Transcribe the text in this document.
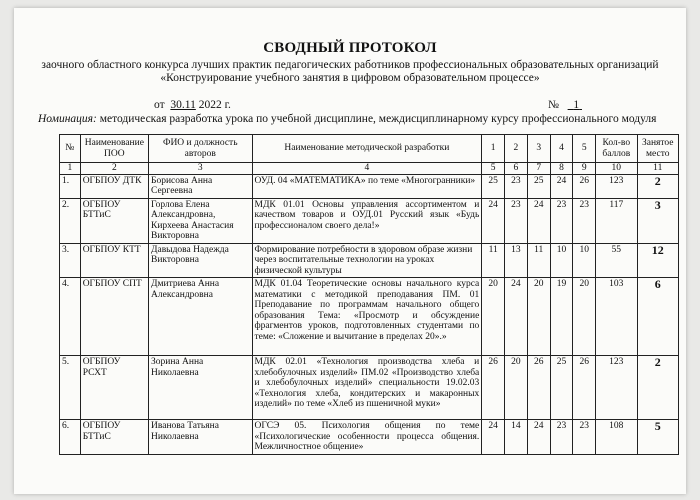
СВОДНЫЙ ПРОТОКОЛ
заочного областного конкурса лучших практик педагогических работников профессиональных образовательных организаций
«Конструирование учебного занятия в цифровом образовательном процессе»
от 30.11 2022 г.	№ 1
Номинация: методическая разработка урока по учебной дисциплине, междисциплинарному курсу профессионального модуля
№	Наименование ПОО	ФИО и должность авторов	Наименование методической разработки	1	2	3	4	5	Кол-во баллов	Занятое место
1	2	3	4	5	6	7	8	9	10	11
1.	ОГБПОУ ДТК	Борисова Анна Сергеевна	ОУД. 04 «МАТЕМАТИКА» по теме «Многогранники»	25	23	25	24	26	123	2
2.	ОГБПОУ БТТиС	Горлова Елена Александровна, Кирхеева Анастасия Викторовна	МДК 01.01 Основы управления ассортиментом и качеством товаров и ОУД.01 Русский язык «Будь профессионалом своего дела!»	24	23	24	23	23	117	3
3.	ОГБПОУ КТТ	Давыдова Надежда Викторовна	Формирование потребности в здоровом образе жизни через воспитательные технологии на уроках физической культуры	11	13	11	10	10	55	12
4.	ОГБПОУ СПТ	Дмитриева Анна Александровна	МДК 01.04 Теоретические основы начального курса математики с методикой преподавания ПМ. 01 Преподавание по программам начального общего образования Тема: «Просмотр и обсуждение фрагментов уроков, подготовленных студентами по теме: «Сложение и вычитание в пределах 20».»	20	24	20	19	20	103	6
5.	ОГБПОУ РСХТ	Зорина Анна Николаевна	МДК 02.01 «Технология производства хлеба и хлебобулочных изделий» ПМ.02 «Производство хлеба и хлебобулочных изделий» специальности 19.02.03 «Технология хлеба, кондитерских и макаронных изделий» по теме «Хлеб из пшеничной муки»	26	20	26	25	26	123	2
6.	ОГБПОУ БТТиС	Иванова Татьяна Николаевна	ОГСЭ 05. Психология общения по теме «Психологические особенности процесса общения. Межличностное общение»	24	14	24	23	23	108	5
